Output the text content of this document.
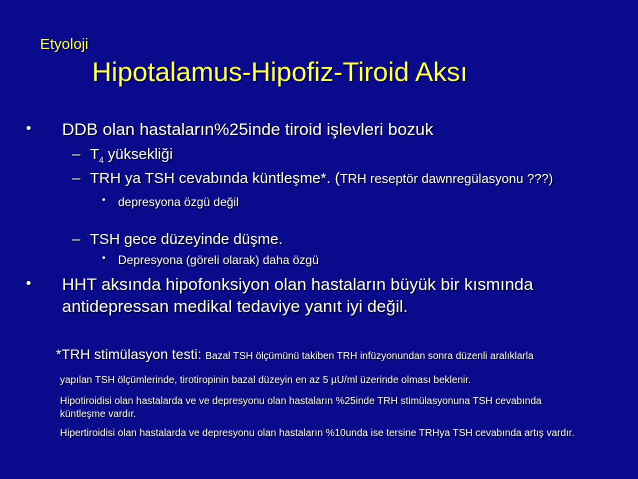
Etyoloji
Hipotalamus-Hipofiz-Tiroid Aksı
• DDB olan hastaların%25inde tiroid işlevleri bozuk
– $T_4$ yüksekliği
– TRH ya TSH cevabında küntleşme*. (TRH reseptör dawnregülasyonu ???)
• depresyona özgü değil
– TSH gece düzeyinde düşme.
• Depresyona (göreli olarak) daha özgü
• HHT aksında hipofonksiyon olan hastaların büyük bir kısmında
antidepressan medikal tedaviye yanıt iyi değil.
*TRH stimülasyon testi: Bazal TSH ölçümünü takiben TRH infüzyonundan sonra düzenli aralıklarla
yapılan TSH ölçümlerinde, tirotiropinin bazal düzeyin en az 5 µU/ml üzerinde olması beklenir.
Hipotiroidisi olan hastalarda ve ve depresyonu olan hastaların %25inde TRH stimülasyonuna TSH cevabında
küntleşme vardır.
Hipertiroidisi olan hastalarda ve depresyonu olan hastaların %10unda ise tersine TRHya TSH cevabında artış vardır.
